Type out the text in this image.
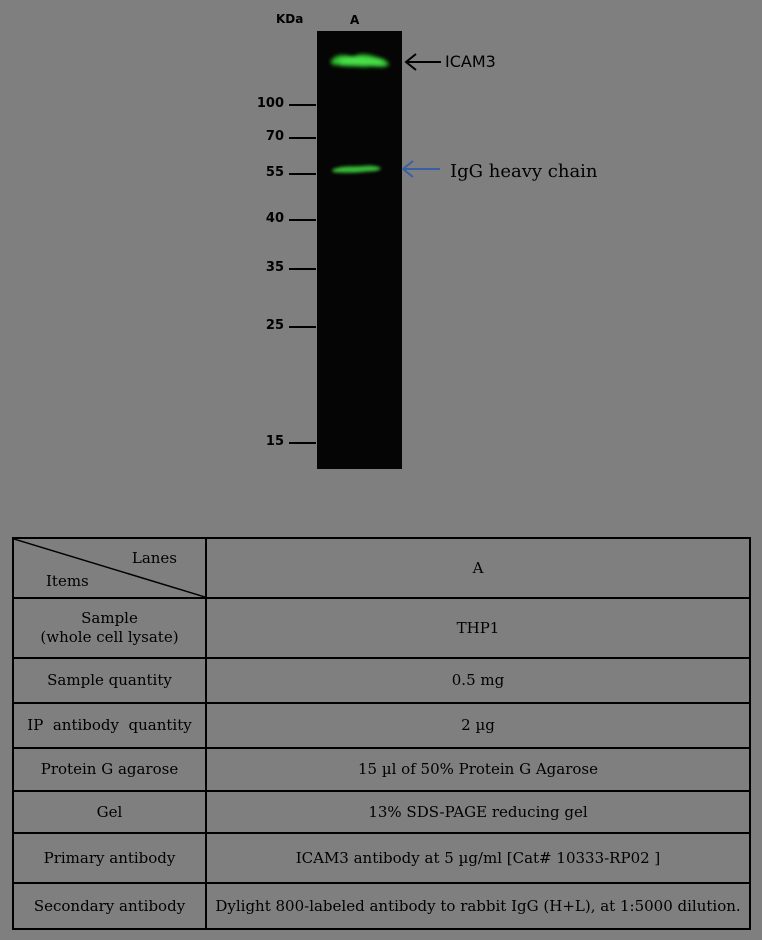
KDa	A
100
70
55
40
35
25
15
ICAM3
IgG heavy chain
Lanes
Items	A
Sample
(whole cell lysate)	THP1
Sample quantity	0.5 mg
IP  antibody  quantity	2 µg
Protein G agarose	15 µl of 50% Protein G Agarose
Gel	13% SDS-PAGE reducing gel
Primary antibody	ICAM3 antibody at 5 µg/ml [Cat# 10333-RP02 ]
Secondary antibody	Dylight 800-labeled antibody to rabbit IgG (H+L), at 1:5000 dilution.
